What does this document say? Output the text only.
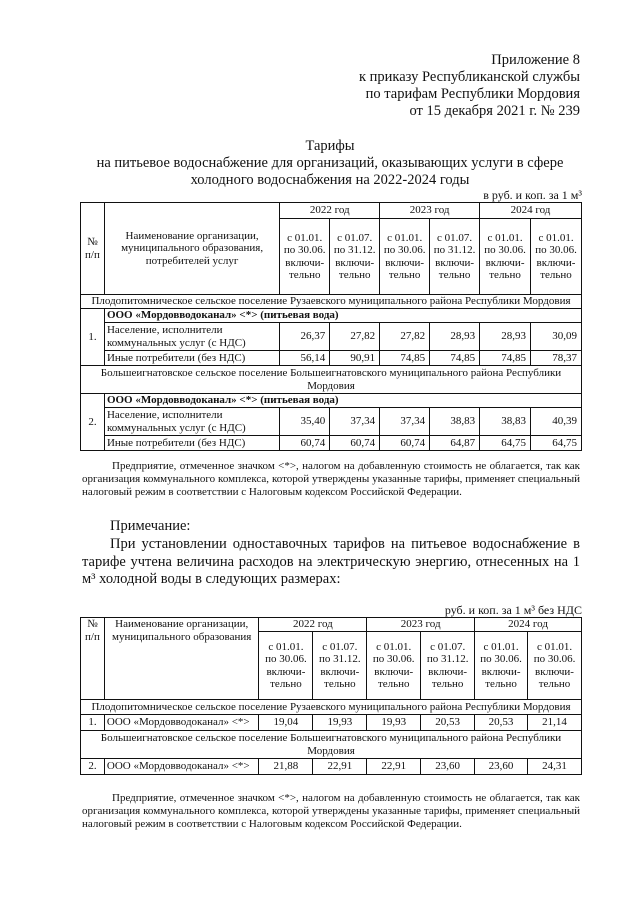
Приложение 8
к приказу Республиканской службы
по тарифам Республики Мордовия
от 15 декабря 2021 г. № 239
Тарифы
на питьевое водоснабжение для организаций, оказывающих услуги в сфере
холодного водоснабжения на 2022-2024 годы
в руб. и коп. за 1 м³
№ п/п	Наименование организации, муниципального образования, потребителей услуг	2022 год		2023 год		2024 год	
		с 01.01. по 30.06. включи-тельно	с 01.07. по 31.12. включи-тельно	с 01.01. по 30.06. включи-тельно	с 01.07. по 31.12. включи-тельно	с 01.01. по 30.06. включи-тельно	с 01.01. по 30.06. включи-тельно
Плодопитомническое сельское поселение Рузаевского муниципального района Республики Мордовия							
1.	ООО «Мордовводоканал» <*> (питьевая вода)						
	Население, исполнители коммунальных услуг (с НДС)	26,37	27,82	27,82	28,93	28,93	30,09
	Иные потребители (без НДС)	56,14	90,91	74,85	74,85	74,85	78,37
Большеигнатовское сельское поселение Большеигнатовского муниципального района Республики Мордовия							
2.	ООО «Мордовводоканал» <*> (питьевая вода)						
	Население, исполнители коммунальных услуг (с НДС)	35,40	37,34	37,34	38,83	38,83	40,39
	Иные потребители (без НДС)	60,74	60,74	60,74	64,87	64,75	64,75
Предприятие, отмеченное значком <*>, налогом на добавленную стоимость не облагается, так как организация коммунального комплекса, которой утверждены указанные тарифы, применяет специальный налоговый режим в соответствии с Налоговым кодексом Российской Федерации.
Примечание:
При установлении одноставочных тарифов на питьевое водоснабжение в тарифе учтена величина расходов на электрическую энергию, отнесенных на 1 м³ холодной воды в следующих размерах:
руб. и коп. за 1 м³ без НДС
№ п/п	Наименование организации, муниципального образования	2022 год		2023 год		2024 год	
		с 01.01. по 30.06. включи-тельно	с 01.07. по 31.12. включи-тельно	с 01.01. по 30.06. включи-тельно	с 01.07. по 31.12. включи-тельно	с 01.01. по 30.06. включи-тельно	с 01.01. по 30.06. включи-тельно
Плодопитомническое сельское поселение Рузаевского муниципального района Республики Мордовия							
1.	ООО «Мордовводоканал» <*>	19,04	19,93	19,93	20,53	20,53	21,14
Большеигнатовское сельское поселение Большеигнатовского муниципального района Республики Мордовия							
2.	ООО «Мордовводоканал» <*>	21,88	22,91	22,91	23,60	23,60	24,31
Предприятие, отмеченное значком <*>, налогом на добавленную стоимость не облагается, так как организация коммунального комплекса, которой утверждены указанные тарифы, применяет специальный налоговый режим в соответствии с Налоговым кодексом Российской Федерации.
